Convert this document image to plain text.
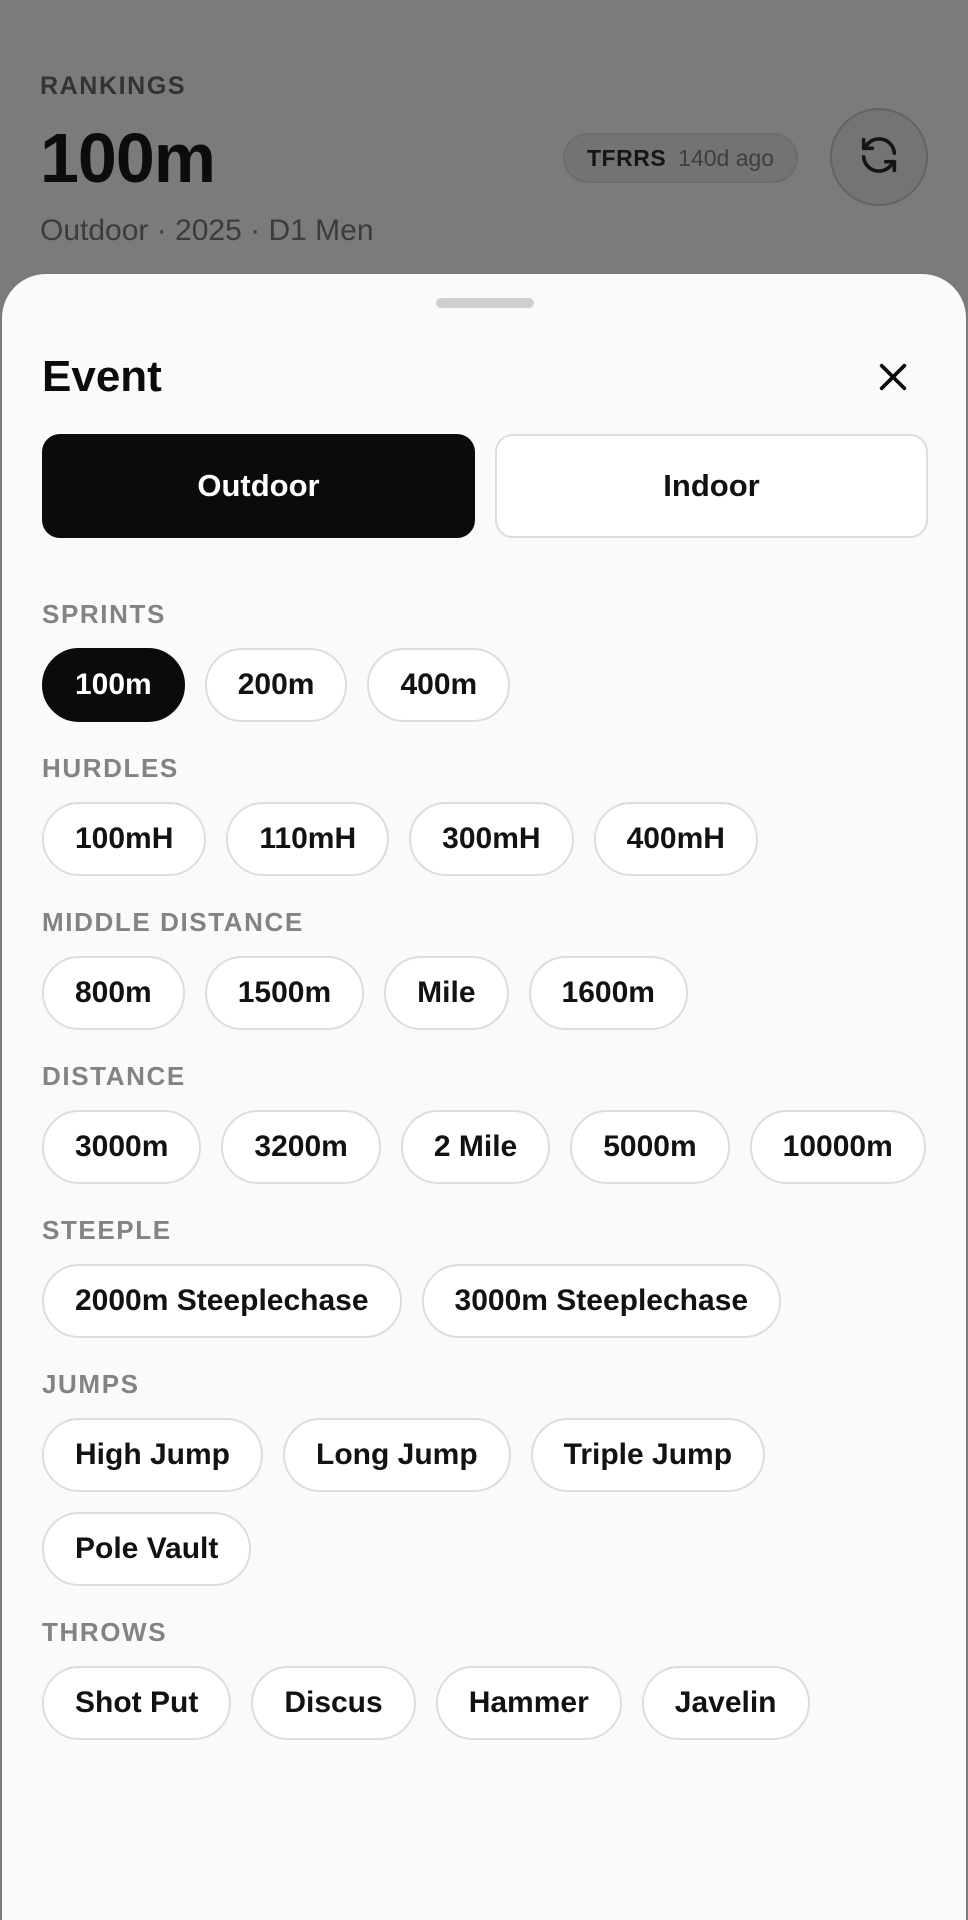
RANKINGS
100m
Outdoor · 2025 · D1 Men
TFRRS 140d ago
Event
Outdoor	Indoor
SPRINTS
100m	200m	400m
HURDLES
100mH	110mH	300mH	400mH
MIDDLE DISTANCE
800m	1500m	Mile	1600m
DISTANCE
3000m	3200m	2 Mile	5000m	10000m
STEEPLE
2000m Steeplechase	3000m Steeplechase
JUMPS
High Jump	Long Jump	Triple Jump
Pole Vault
THROWS
Shot Put	Discus	Hammer	Javelin
